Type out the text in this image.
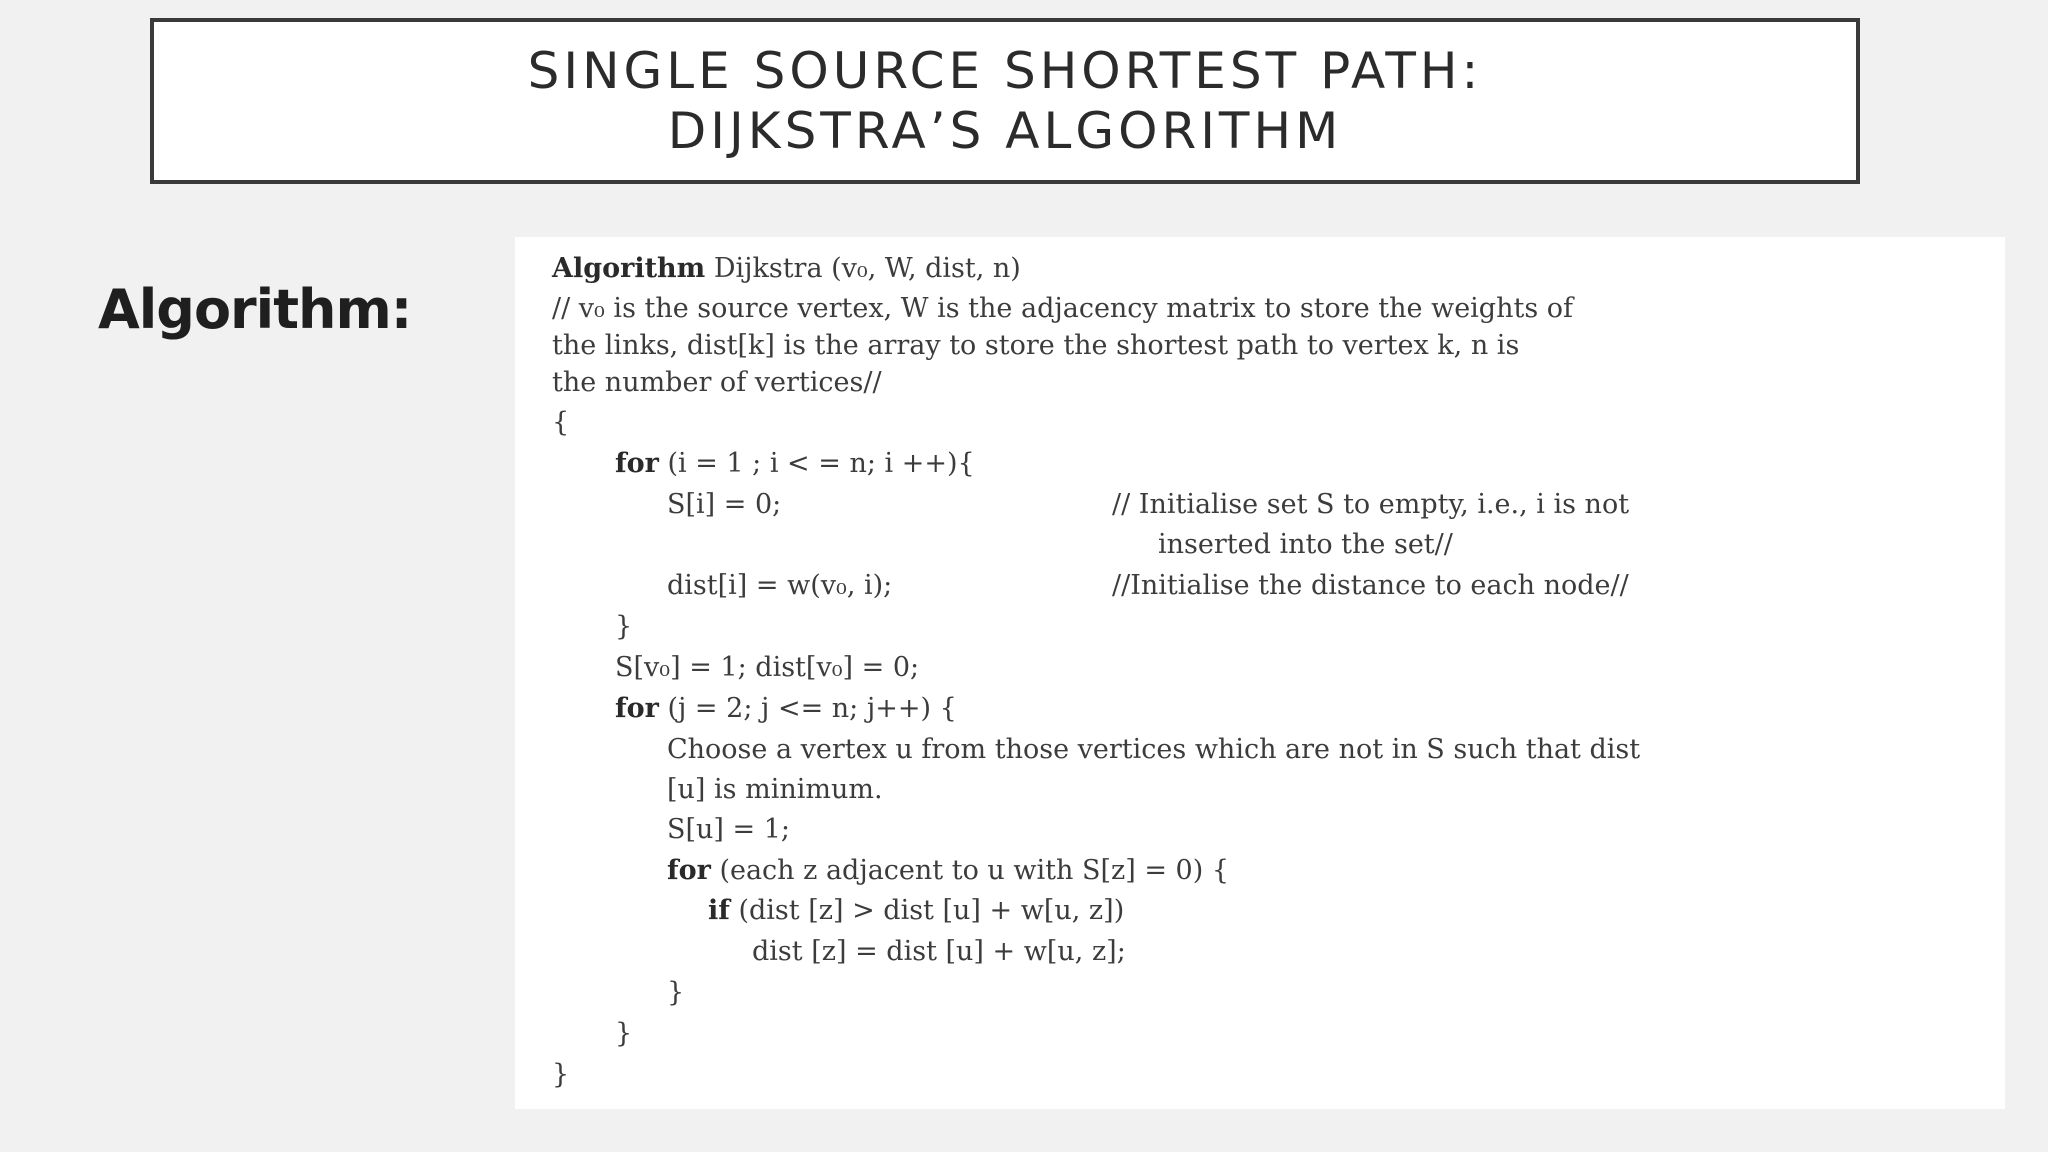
SINGLE SOURCE SHORTEST PATH:
DIJKSTRA’S ALGORITHM
Algorithm:
Algorithm Dijkstra (v₀, W, dist, n)
// v₀ is the source vertex, W is the adjacency matrix to store the weights of
the links, dist[k] is the array to store the shortest path to vertex k, n is
the number of vertices//
{
for (i = 1 ; i < = n; i ++){
S[i] = 0;	// Initialise set S to empty, i.e., i is not
inserted into the set//
dist[i] = w(v₀, i);	//Initialise the distance to each node//
}
S[v₀] = 1; dist[v₀] = 0;
for (j = 2; j <= n; j++) {
Choose a vertex u from those vertices which are not in S such that dist
[u] is minimum.
S[u] = 1;
for (each z adjacent to u with S[z] = 0) {
if (dist [z] > dist [u] + w[u, z])
dist [z] = dist [u] + w[u, z];
}
}
}
